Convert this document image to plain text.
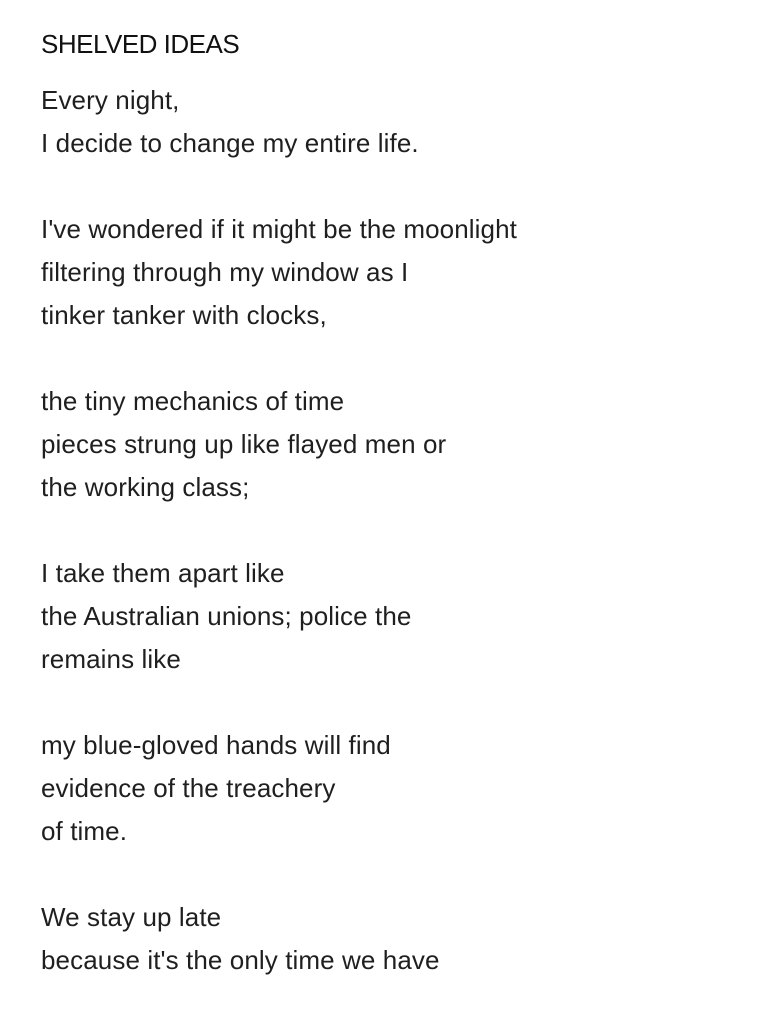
SHELVED IDEAS
Every night,
I decide to change my entire life.
I've wondered if it might be the moonlight
filtering through my window as I
tinker tanker with clocks,
the tiny mechanics of time
pieces strung up like flayed men or
the working class;
I take them apart like
the Australian unions; police the
remains like
my blue-gloved hands will find
evidence of the treachery
of time.
We stay up late
because it's the only time we have
